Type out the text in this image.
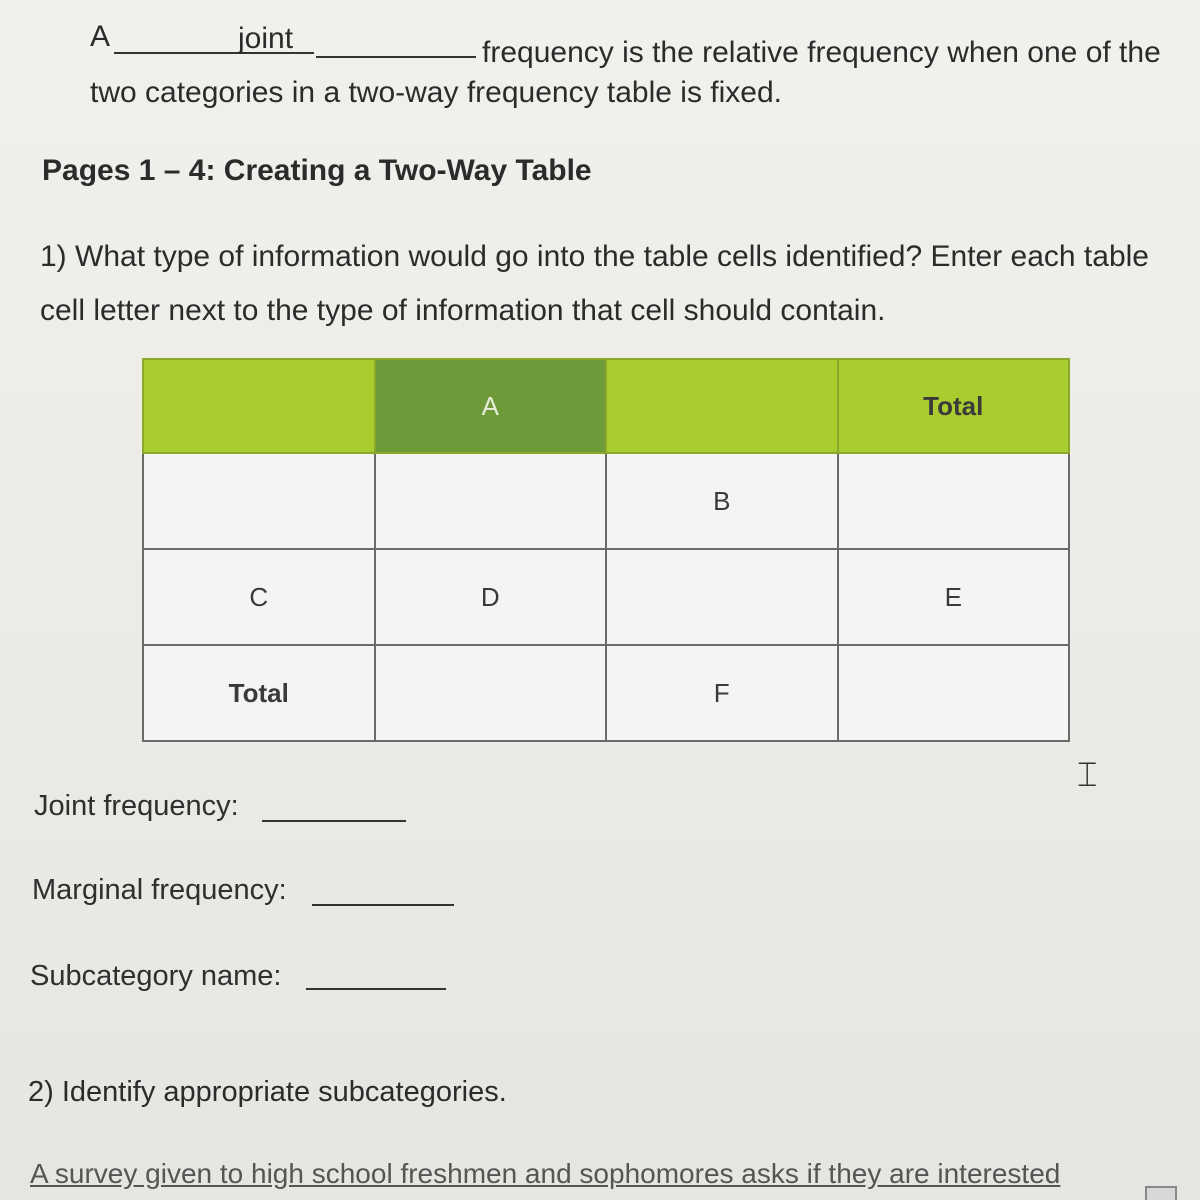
A	joint	frequency is the relative frequency when one of the
two categories in a two-way frequency table is fixed.
Pages 1 – 4: Creating a Two-Way Table
1) What type of information would go into the table cells identified? Enter each table
cell letter next to the type of information that cell should contain.
	A		Total
		B	
C	D		E
Total		F	
⌶
Joint frequency:
Marginal frequency:
Subcategory name:
2) Identify appropriate subcategories.
A survey given to high school freshmen and sophomores asks if they are interested
